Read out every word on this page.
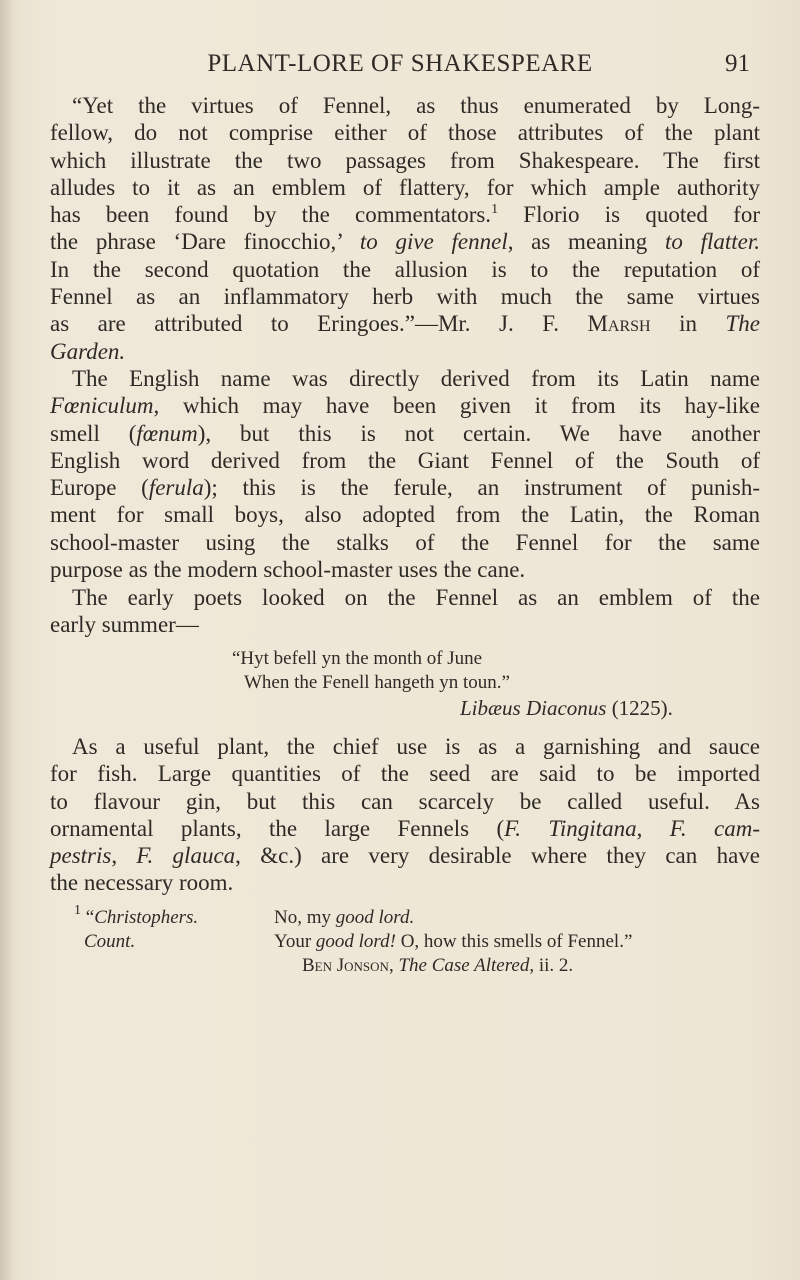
PLANT-LORE OF SHAKESPEARE	91
“Yet the virtues of Fennel, as thus enumerated by Long-
fellow, do not comprise either of those attributes of the plant
which illustrate the two passages from Shakespeare. The first
alludes to it as an emblem of flattery, for which ample authority
has been found by the commentators.$^1$ Florio is quoted for
the phrase ‘Dare finocchio,’ to give fennel, as meaning to flatter.
In the second quotation the allusion is to the reputation of
Fennel as an inflammatory herb with much the same virtues
as are attributed to Eringoes.”—Mr. J. F. Marsh in The
Garden.
The English name was directly derived from its Latin name
Fœniculum, which may have been given it from its hay-like
smell (fœnum), but this is not certain. We have another
English word derived from the Giant Fennel of the South of
Europe (ferula); this is the ferule, an instrument of punish-
ment for small boys, also adopted from the Latin, the Roman
school-master using the stalks of the Fennel for the same
purpose as the modern school-master uses the cane.
The early poets looked on the Fennel as an emblem of the
early summer—
“Hyt befell yn the month of June
When the Fenell hangeth yn toun.”
Libæus Diaconus (1225).
As a useful plant, the chief use is as a garnishing and sauce
for fish. Large quantities of the seed are said to be imported
to flavour gin, but this can scarcely be called useful. As
ornamental plants, the large Fennels (F. Tingitana, F. cam-
pestris, F. glauca, &c.) are very desirable where they can have
the necessary room.
$^1$ “Christophers.	No, my good lord.
Count.	Your good lord! O, how this smells of Fennel.”
Ben Jonson, The Case Altered, ii. 2.
